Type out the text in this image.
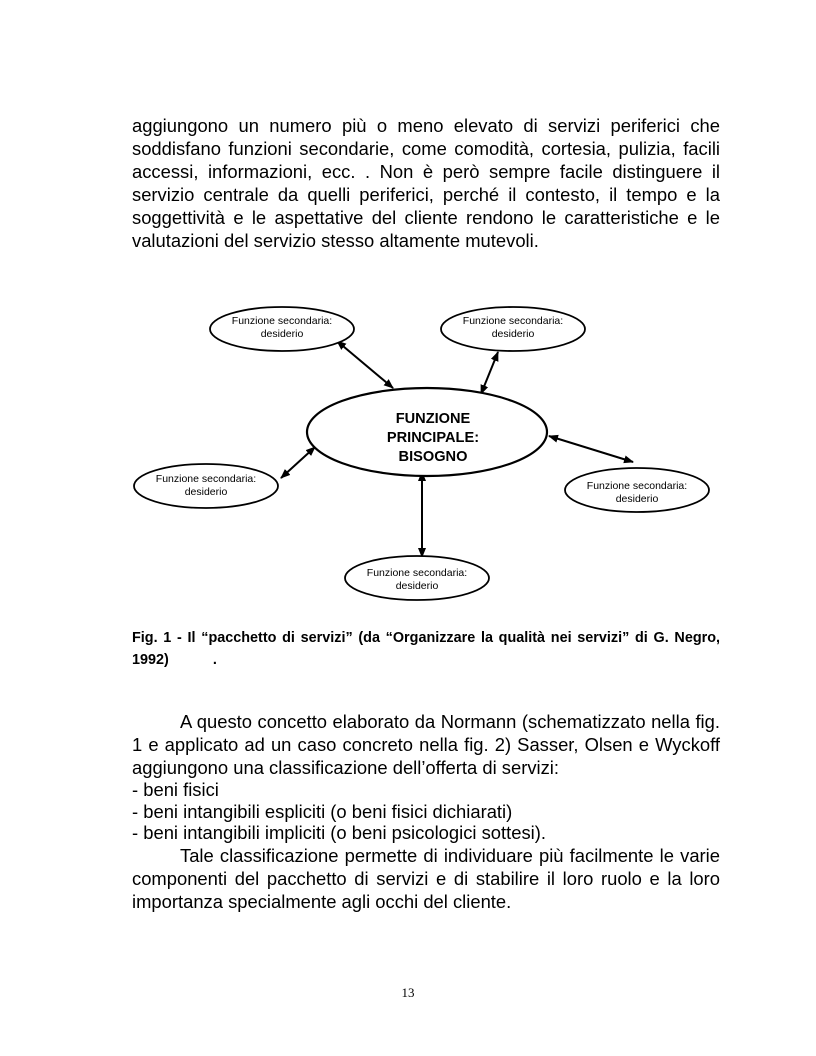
aggiungono un numero più o meno elevato di servizi periferici che soddisfano funzioni secondarie, come comodità, cortesia, pulizia, facili accessi, informazioni, ecc. . Non è però sempre facile distinguere il servizio centrale da quelli periferici, perché il contesto, il tempo e la soggettività e le aspettative del cliente rendono le caratteristiche e le valutazioni del servizio stesso altamente mutevoli.

FUNZIONE
PRINCIPALE:
BISOGNO
Funzione secondaria:
desiderio
Funzione secondaria:
desiderio
Funzione secondaria:
desiderio	Funzione secondaria:
desiderio
Funzione secondaria:
desiderio

Fig. 1 - Il “pacchetto di servizi” (da “Organizzare la qualità nei servizi” di G. Negro, 1992)	.

A questo concetto elaborato da Normann (schematizzato nella fig. 1 e applicato ad un caso concreto nella fig. 2) Sasser, Olsen e Wyckoff aggiungono una classificazione dell’offerta di servizi:

- beni fisici
- beni intangibili espliciti (o beni fisici dichiarati)
- beni intangibili impliciti (o beni psicologici sottesi).

Tale classificazione permette di individuare più facilmente le varie componenti del pacchetto di servizi e di stabilire il loro ruolo e la loro importanza specialmente agli occhi del cliente.

13
